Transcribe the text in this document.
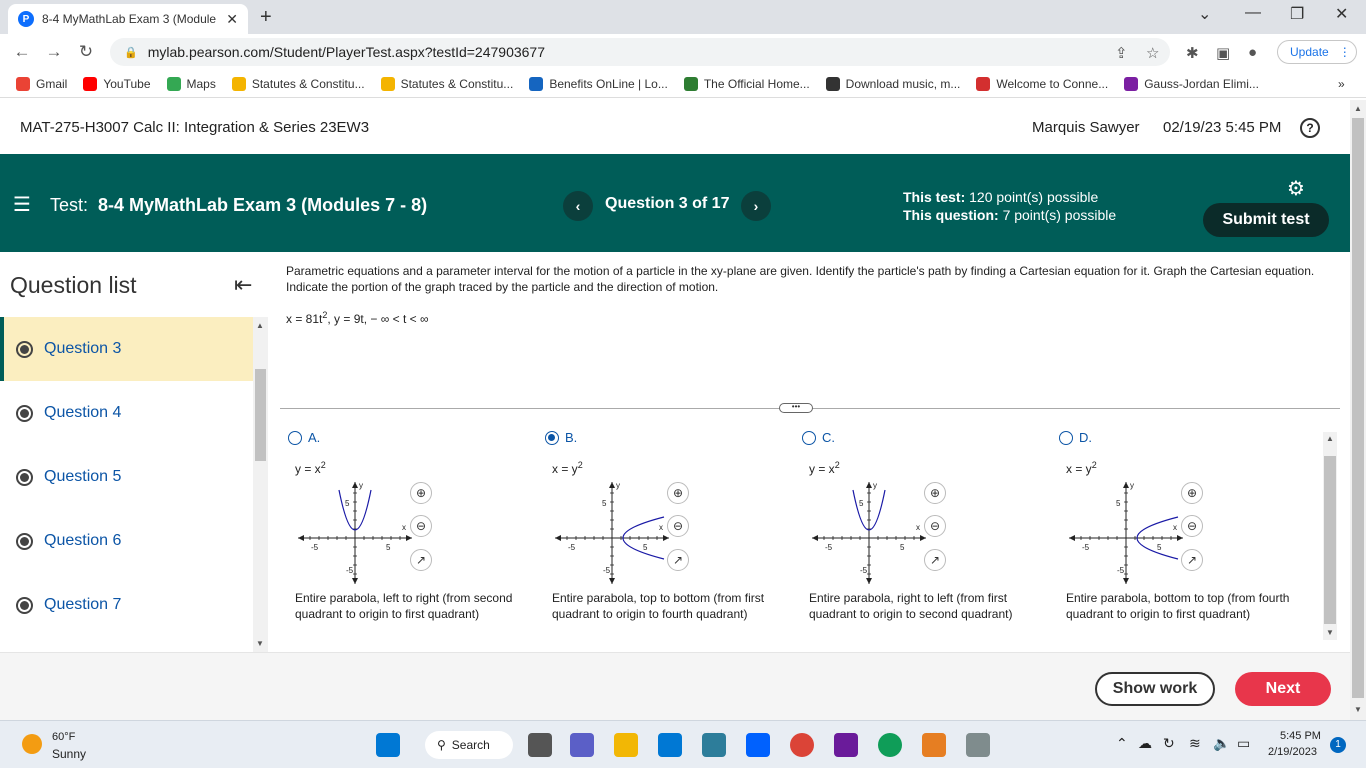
P	8-4 MyMathLab Exam 3 (Module ✕ +	⌄ — ❐ ✕
← → ↻	🔒 mylab.pearson.com/Student/PlayerTest.aspx?testId=247903677	⇪ ☆ ✱ ▣ ●	Update ⋮
Gmail	YouTube	Maps	Statutes & Constitu...	Statutes & Constitu...	Benefits OnLine | Lo...	The Official Home...	Download music, m...	Welcome to Conne...	Gauss-Jordan Elimi...	»
MAT-275-H3007 Calc II: Integration & Series 23EW3	Marquis Sawyer 02/19/23 5:45 PM	?
☰ Test: 8-4 MyMathLab Exam 3 (Modules 7 - 8)	‹	Question 3 of 17	›
This test: 120 point(s) possible
This question: 7 point(s) possible
⚙
Submit test
Question list	⇤
Question 3
Question 4
Question 5
Question 6
Question 7
▲
▼
Parametric equations and a parameter interval for the motion of a particle in the xy-plane are given. Identify the particle's path by finding a Cartesian equation for it. Graph the Cartesian equation. Indicate the portion of the graph traced by the particle and the direction of motion.
$x = 81t^2$, y = 9t, − ∞ < t < ∞
•••
A.
$y = x^2$
y
x
5
-5
-5	5
⊕
⊖
↗
Entire parabola, left to right (from second quadrant to origin to first quadrant)
B.
$x = y^2$
y
x
5
-5
-5	5
⊕
⊖
↗
Entire parabola, top to bottom (from first quadrant to origin to fourth quadrant)
C.
$y = x^2$
y
x
5
-5
-5	5
⊕
⊖
↗
Entire parabola, right to left (from first quadrant to origin to second quadrant)
D.
$x = y^2$
y
x
5
-5
-5	5
⊕
⊖
↗
Entire parabola, bottom to top (from fourth quadrant to origin to first quadrant)
▲
▼
Show work	Next
▲
▼
60°F
Sunny
⚲ Search	⌃ ☁ ↻ ≋ 🔈 ▭	5:45 PM
2/19/2023
1
